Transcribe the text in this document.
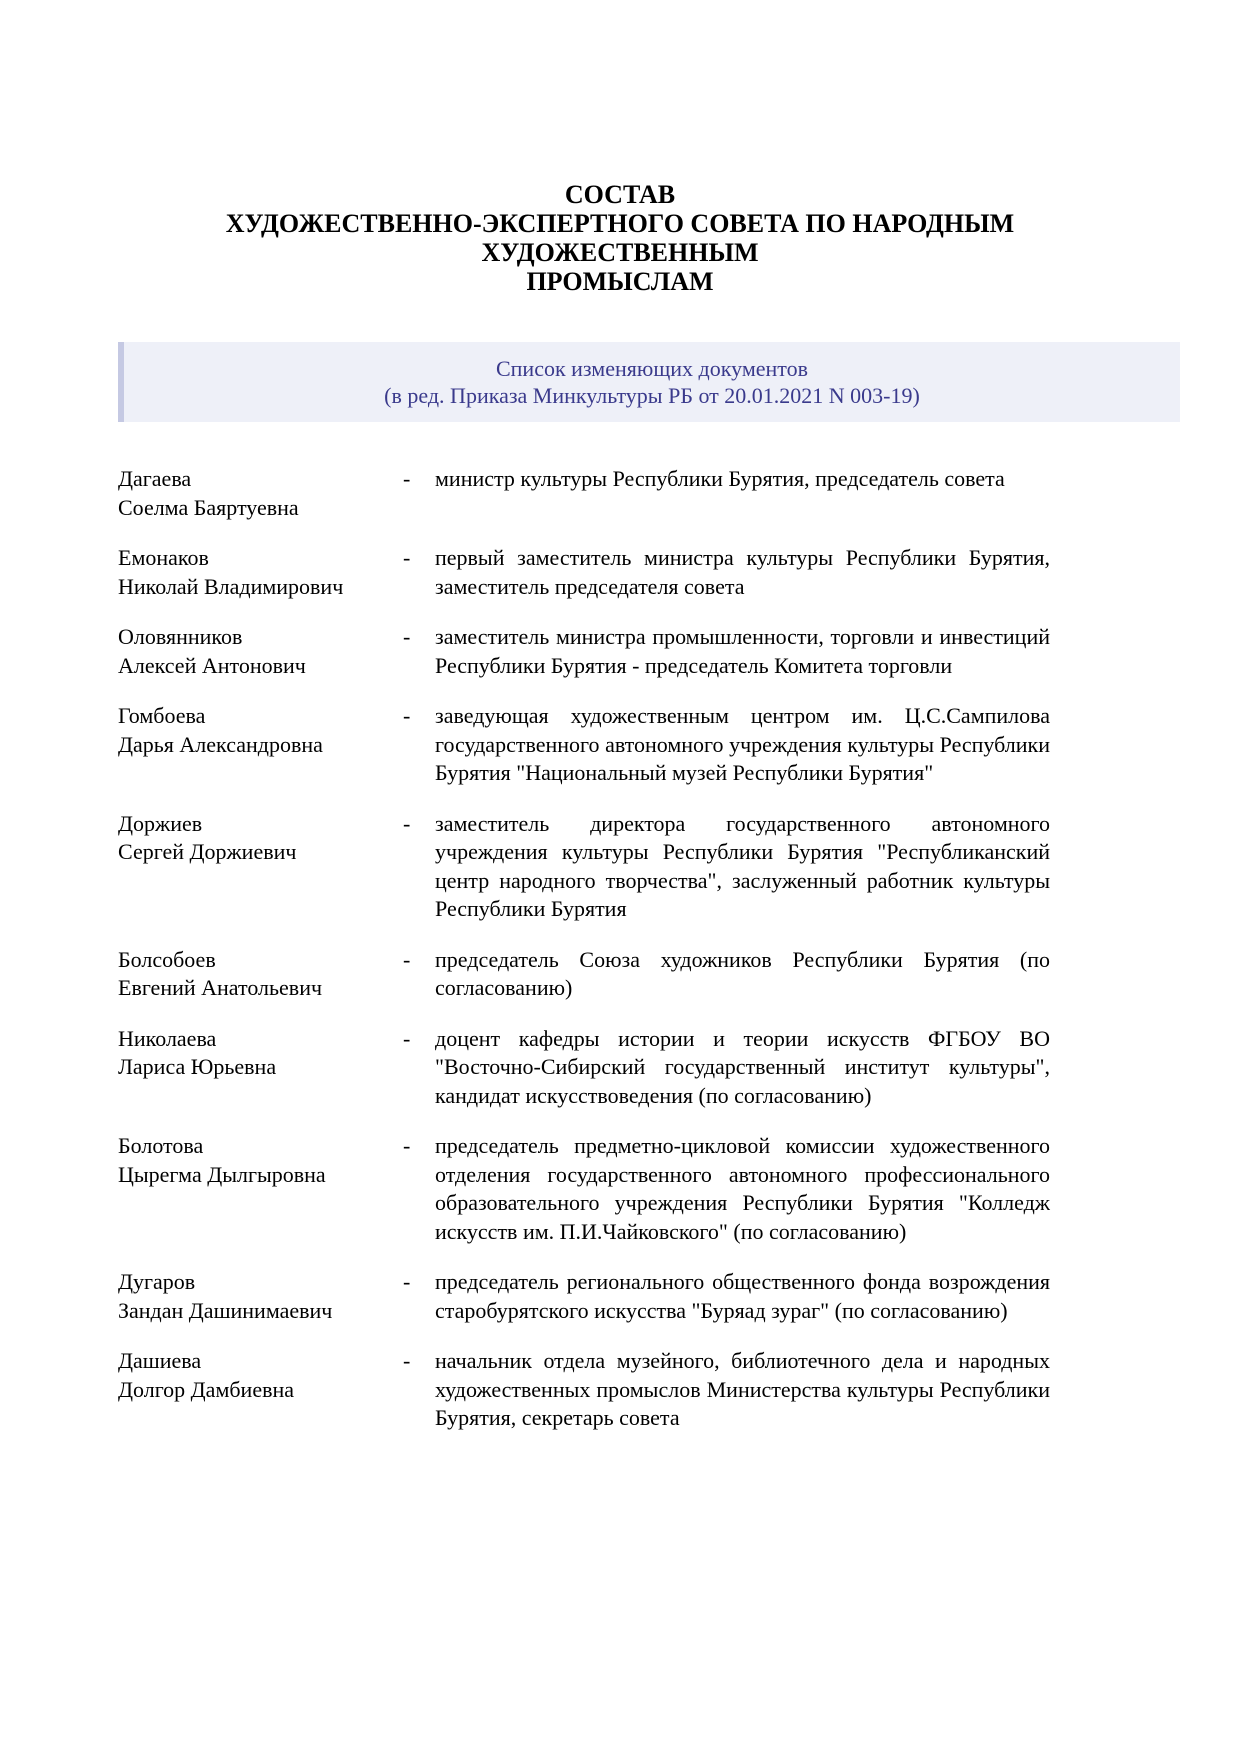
СОСТАВ
ХУДОЖЕСТВЕННО-ЭКСПЕРТНОГО СОВЕТА ПО НАРОДНЫМ
ХУДОЖЕСТВЕННЫМ
ПРОМЫСЛАМ
Список изменяющих документов
(в ред. Приказа Минкультуры РБ от 20.01.2021 N 003-19)
Дагаева
Соелма Баяртуевна
-	министр культуры Республики Бурятия, председатель совета
Емонаков
Николай Владимирович
-	первый заместитель министра культуры Республики Бурятия, заместитель председателя совета
Оловянников
Алексей Антонович
-	заместитель министра промышленности, торговли и инвестиций Республики Бурятия - председатель Комитета торговли
Гомбоева
Дарья Александровна
-	заведующая художественным центром им. Ц.С.Сампилова государственного автономного учреждения культуры Республики Бурятия "Национальный музей Республики Бурятия"
Доржиев
Сергей Доржиевич
-	заместитель директора государственного автономного учреждения культуры Республики Бурятия "Республиканский центр народного творчества", заслуженный работник культуры Республики Бурятия
Болсобоев
Евгений Анатольевич
-	председатель Союза художников Республики Бурятия (по согласованию)
Николаева
Лариса Юрьевна
-	доцент кафедры истории и теории искусств ФГБОУ ВО "Восточно-Сибирский государственный институт культуры", кандидат искусствоведения (по согласованию)
Болотова
Цырегма Дылгыровна
-	председатель предметно-цикловой комиссии художественного отделения государственного автономного профессионального образовательного учреждения Республики Бурятия "Колледж искусств им. П.И.Чайковского" (по согласованию)
Дугаров
Зандан Дашинимаевич
-	председатель регионального общественного фонда возрождения старобурятского искусства "Буряад зураг" (по согласованию)
Дашиева
Долгор Дамбиевна
-	начальник отдела музейного, библиотечного дела и народных художественных промыслов Министерства культуры Республики Бурятия, секретарь совета
